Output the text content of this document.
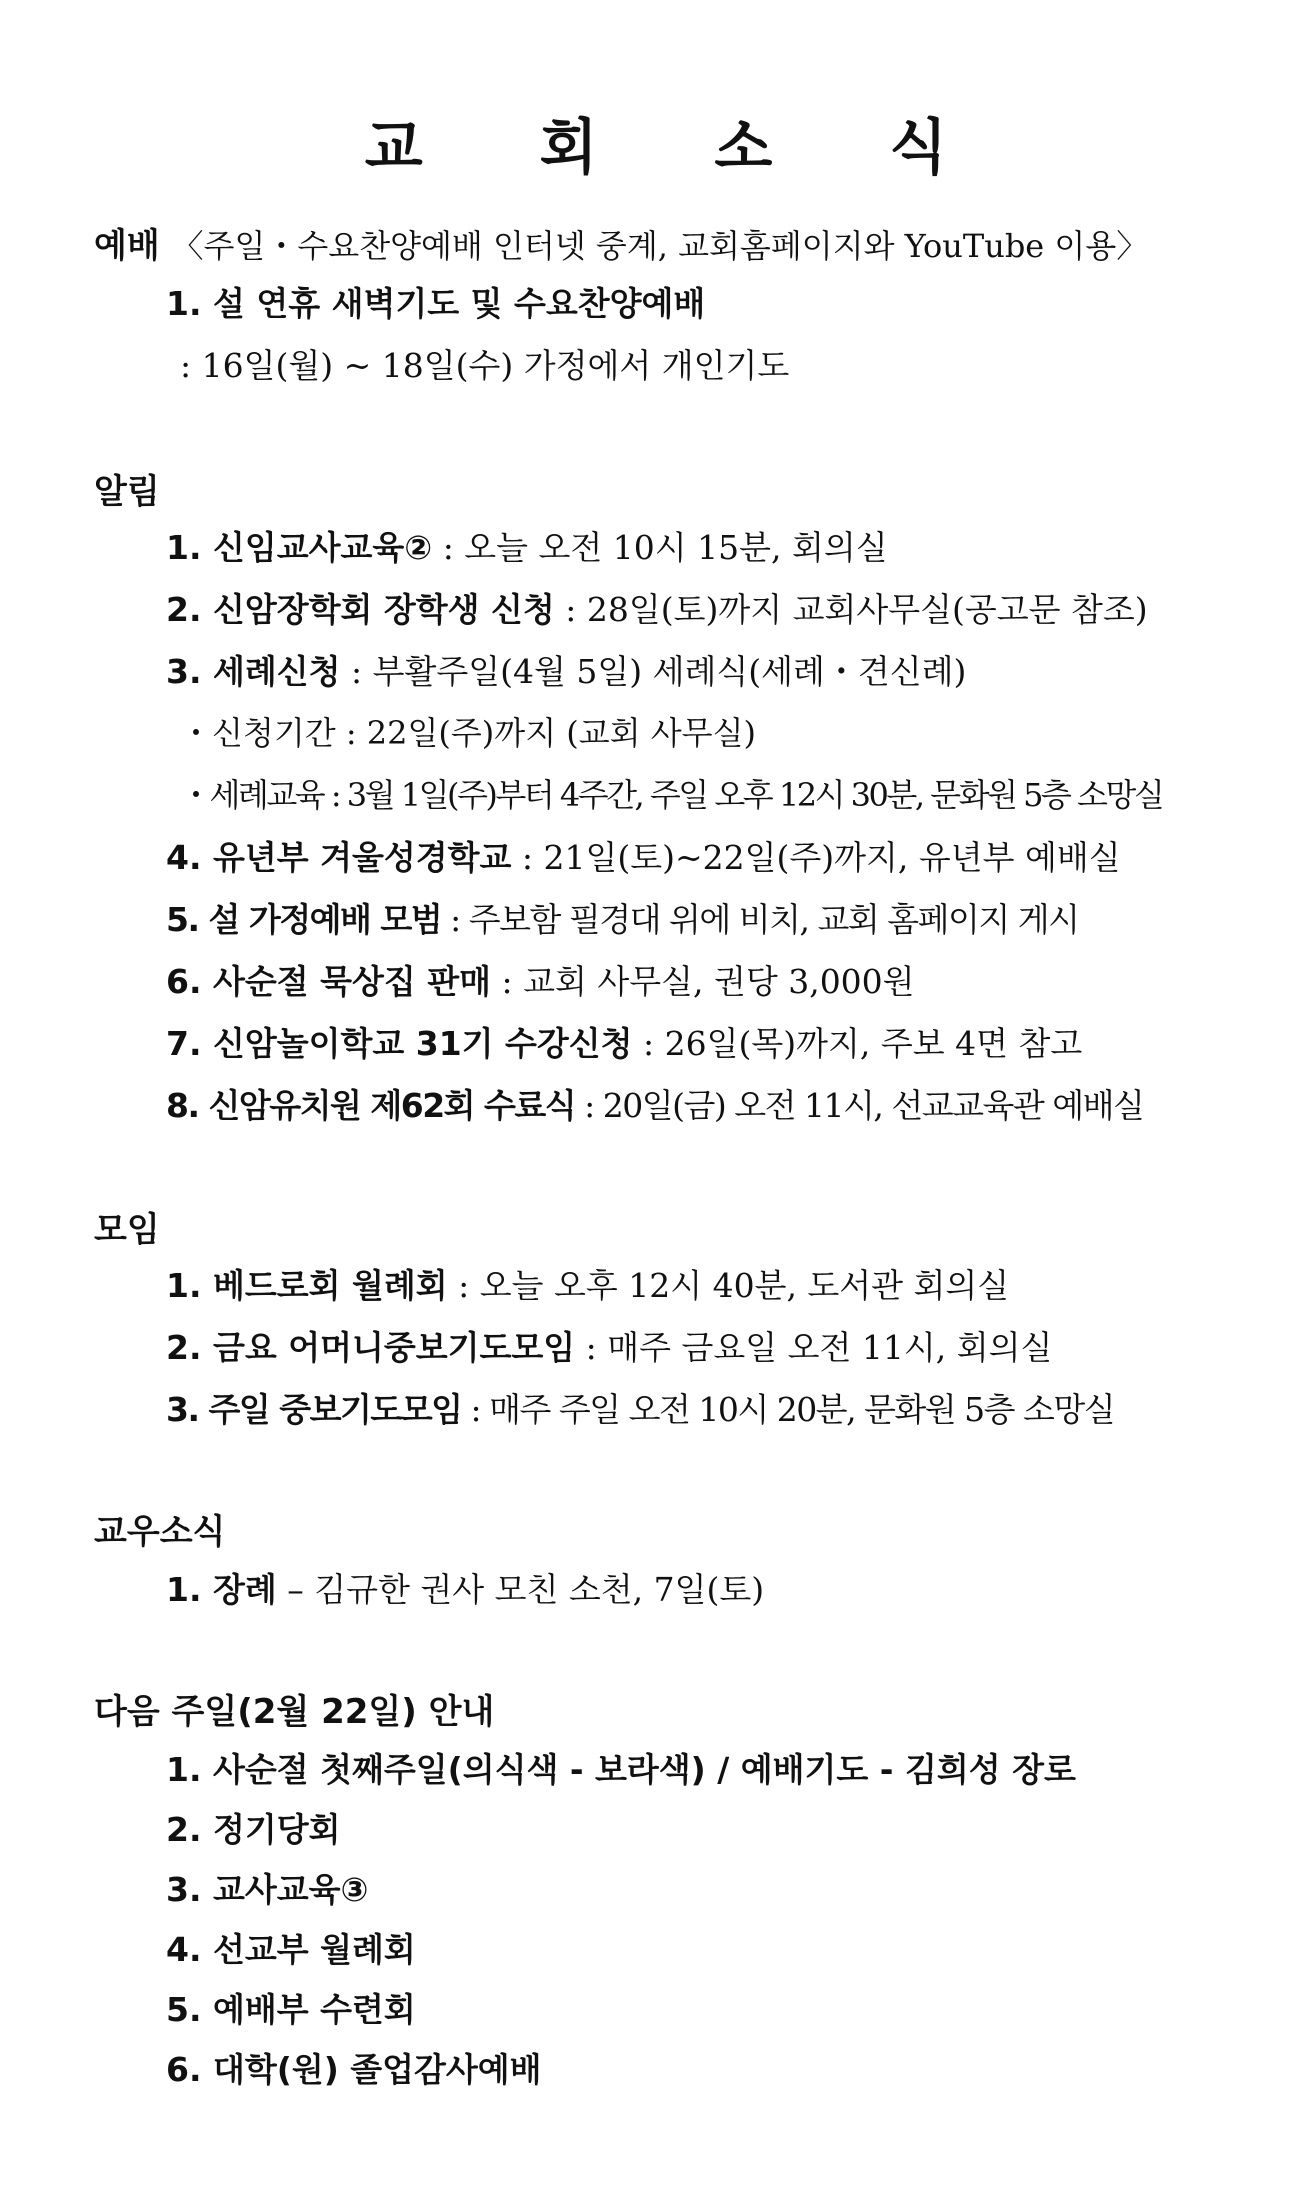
교 회 소 식
예배 〈주일・수요찬양예배 인터넷 중계, 교회홈페이지와 YouTube 이용〉
1. 설 연휴 새벽기도 및 수요찬양예배
: 16일(월) ~ 18일(수) 가정에서 개인기도
알림
1. 신임교사교육② : 오늘 오전 10시 15분, 회의실
2. 신암장학회 장학생 신청 : 28일(토)까지 교회사무실(공고문 참조)
3. 세례신청 : 부활주일(4월 5일) 세례식(세례・견신례)
・신청기간 : 22일(주)까지 (교회 사무실)
・세례교육 : 3월 1일(주)부터 4주간, 주일 오후 12시 30분, 문화원 5층 소망실
4. 유년부 겨울성경학교 : 21일(토)~22일(주)까지, 유년부 예배실
5. 설 가정예배 모범 : 주보함 필경대 위에 비치, 교회 홈페이지 게시
6. 사순절 묵상집 판매 : 교회 사무실, 권당 3,000원
7. 신암놀이학교 31기 수강신청 : 26일(목)까지, 주보 4면 참고
8. 신암유치원 제62회 수료식 : 20일(금) 오전 11시, 선교교육관 예배실
모임
1. 베드로회 월례회 : 오늘 오후 12시 40분, 도서관 회의실
2. 금요 어머니중보기도모임 : 매주 금요일 오전 11시, 회의실
3. 주일 중보기도모임 : 매주 주일 오전 10시 20분, 문화원 5층 소망실
교우소식
1. 장례 – 김규한 권사 모친 소천, 7일(토)
다음 주일(2월 22일) 안내
1. 사순절 첫째주일(의식색 - 보라색) / 예배기도 - 김희성 장로
2. 정기당회
3. 교사교육③
4. 선교부 월례회
5. 예배부 수련회
6. 대학(원) 졸업감사예배
